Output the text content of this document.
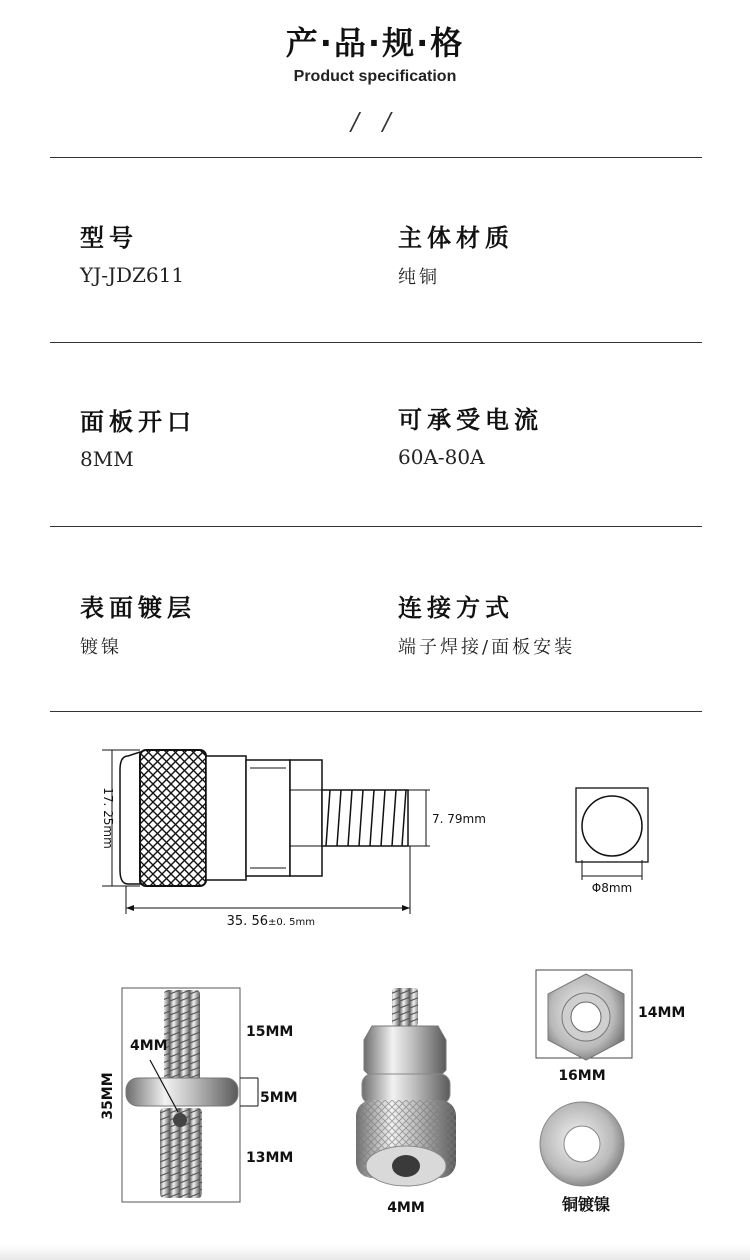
产·品·规·格
Product specification
/ /
型号
YJ-JDZ611
主体材质
纯铜
面板开口
8MM
可承受电流
60A-80A
表面镀层
镀镍
连接方式
端子焊接/面板安装
17. 25mm	7. 79mm
35. 56 ±0. 5mm
Φ8mm
35MM
4MM
15MM
5MM
13MM
4MM
14MM
16MM
铜镀镍
